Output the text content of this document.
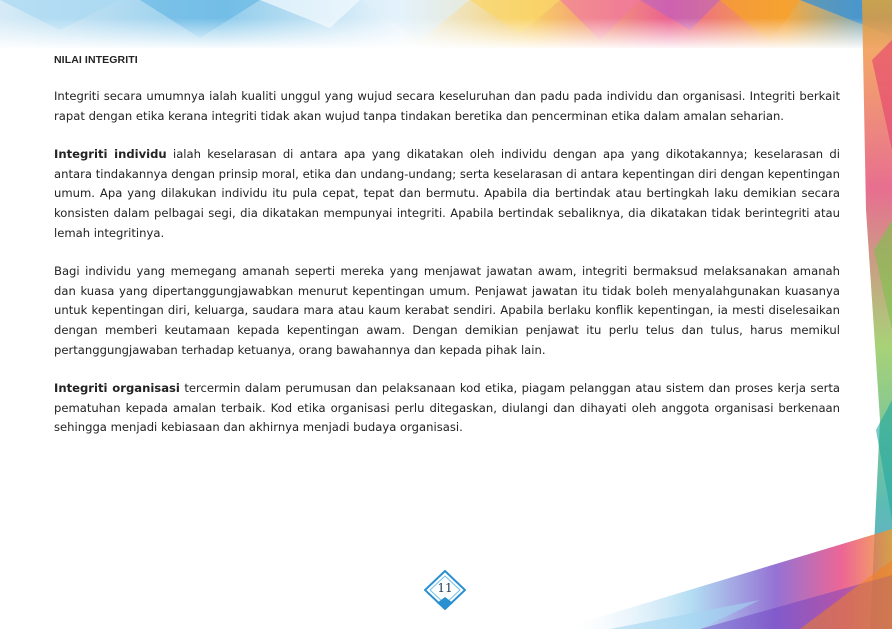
NILAI INTEGRITI

Integriti secara umumnya ialah kualiti unggul yang wujud secara keseluruhan dan padu pada individu dan organisasi. Integriti berkait rapat dengan etika kerana integriti tidak akan wujud tanpa tindakan beretika dan pencerminan etika dalam amalan seharian.

Integriti individu ialah keselarasan di antara apa yang dikatakan oleh individu dengan apa yang dikotakannya; keselarasan di antara tindakannya dengan prinsip moral, etika dan undang-undang; serta keselarasan di antara kepentingan diri dengan kepentingan umum. Apa yang dilakukan individu itu pula cepat, tepat dan bermutu. Apabila dia bertindak atau bertingkah laku demikian secara konsisten dalam pelbagai segi, dia dikatakan mempunyai integriti. Apabila bertindak sebaliknya, dia dikatakan tidak berintegriti atau lemah integritinya.

Bagi individu yang memegang amanah seperti mereka yang menjawat jawatan awam, integriti bermaksud melaksanakan amanah dan kuasa yang dipertanggungjawabkan menurut kepentingan umum. Penjawat jawatan itu tidak boleh menyalahgunakan kuasanya untuk kepentingan diri, keluarga, saudara mara atau kaum kerabat sendiri. Apabila berlaku konflik kepentingan, ia mesti diselesaikan dengan memberi keutamaan kepada kepentingan awam. Dengan demikian penjawat itu perlu telus dan tulus, harus memikul pertanggungjawaban terhadap ketuanya, orang bawahannya dan kepada pihak lain.

Integriti organisasi tercermin dalam perumusan dan pelaksanaan kod etika, piagam pelanggan atau sistem dan proses kerja serta pematuhan kepada amalan terbaik. Kod etika organisasi perlu ditegaskan, diulangi dan dihayati oleh anggota organisasi berkenaan sehingga menjadi kebiasaan dan akhirnya menjadi budaya organisasi.

11
